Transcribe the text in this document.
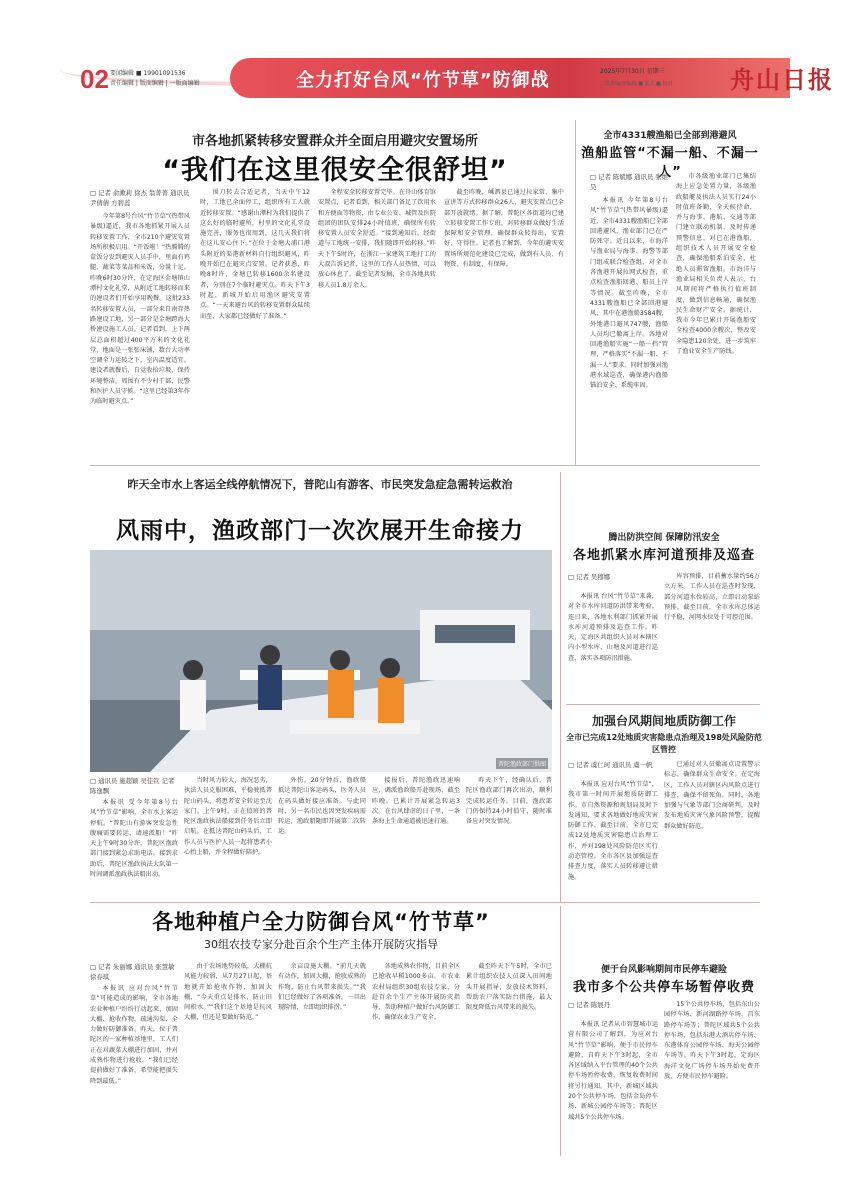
02 要闻编辑 ■ 19901091536
责任编辑 | 版面编辑 | 一版面编辑	全力打好台风“竹节草”防御战	2025年7月30日 星期三
二版责编/李编辑 ■ 版式 ■ 校对 舟山日报
市各地抓紧转移安置群众并全面启用避灾安置场所
“我们在这里很安全很舒坦”
□ 记者 俞漱莉 徐杰 翁菁菁 通讯员 尹倩倩 方碧蕊

今年第8号台风“竹节草”(热带风暴级)逼近，我市各地抓紧开展人员转移安置工作，全市210个避灾安置场所积极启用。“开饭啦！”热腾腾的盒饭分发到避灾人员手中，里面有鸡腿、蔬菜等菜品和米饭，分量十足。昨晚6时30分许，在定海区金塘镇山潭村文化礼堂，从附近工地转移而来的建设者们开始享用晚餐。这批233名转移安置人员，一部分来自南存热路建设工地，另一部分是金塘跨海大桥建设施工人员。记者看到，上下两层总面积超过400平方米的文化礼堂，地面是一张张床铺，数台大功率空调全力运转之下，室内温度适宜。建设者就餐后，自觉收拾垃圾，保持环境整洁。周围有不少村干部、民警和医护人员守候。“这里已经第3年作为临时避灾点。”

围刀转去合适记者，当天中午12时，工地已全面停工，组织所有工人就近转移安置。“感谢山潭村为我们提供了这么好的临时避所，村里的文化礼堂设施完善，服务也很周到，这几天我们将在这儿安心住下。”在位于金塘大浦口港头附近的渠港新材料自行组织避风，昨晚开始已在避灾点安置。记者获悉，昨晚8时许，金塘已转移1600余名建设者，分别在7个临时避灾点。昨天下午3时起，新城开始启用渔区避灾安置点。“一天来避台风的转移安置群众陆续而至，大家都已经做好了准备。”

全程安全转移安置完毕。在舟山体育馆安置点，记者看到，相关部门备足了饮用水和方便面等物资，由专业公安、城管及医院组团的团队安排24小时值班，确保所有转移安置人员安全舒适。“接到通知后，经街道与工地统一安排，我们随即开始转移。”昨天下午5时许，在浙江一家建筑工地打工的大叔告诉记者，这里的工作人员热情，可以放心休息了。截至记者发稿，全市各地共转移人员1.8万余人。

截至昨晚，嵊泗县已通过拉家常、集中宣讲等方式转移群众26人，避灾安置点已全部开放就绪。据了解，普陀区各街道均已建立转移安置工作专班，对转移群众做好生活保障和安全管理，确保群众转得出、安置好、守得住。记者也了解到，今年的避灾安置场所规范化建设已完成，做到有人员、有物资、有制度、有保障。

全市4331艘渔船已全部到港避风
渔船监管“不漏一船、不漏一人”
□ 记者 陈斌娜 通讯员 张维昊

本报讯 今年第8号台风“竹节草”(热带风暴级)逼近，全市4331艘渔船已全部回港避风，渔业部门已在严防死守。近日以来，市海洋与渔业局与海事、海警等部门组成联合检查组，对全市各渔港开展拉网式检查，重点检查渔船回港、船员上岸等情况。截至昨晚，全市4331艘渔船已全部回港避风，其中在港渔船3584艘，外地港口避风747艘，渔船人员均已撤离上岸。各地对回港渔船实施“一船一档”管理，严格落实“不漏一船、不漏一人”要求。同时加强对渔港水域巡查，确保港内渔船锚泊安全、系缆牢固。

市各级渔业部门已集结海上应急处置力量，各级渔政船艇及执法人员实行24小时值班备勤，全天候待命，并与海事、港航、交通等部门建立联动机制，及时传递预警信息。对已在港渔船，组织技术人员开展安全检查，确保渔船系泊安全，杜绝人员滞留渔船。市海洋与渔业局相关负责人表示，台风期间将严格执行值班制度，做到信息畅通，确保渔民生命财产安全。据统计，我市今年已累计开展渔船安全检查4000余艘次，整改安全隐患120余处，进一步筑牢了渔业安全生产防线。

昨天全市水上客运全线停航情况下，普陀山有游客、市民突发急症急需转运救治
风雨中，渔政部门一次次展开生命接力
普陀渔政部门供图
□ 通讯员 施超颖 吴佳钦 记者 陈逸飘

本报讯 受今年第8号台风“竹节草”影响，全市水上客运停航。“普陀山有游客突发急性腹痛需要转运，请速派船！”昨天上午9时30分许，普陀区渔政部门接到紧急求助电话。接到求助后，普陀区渔政执法大队第一时间调派渔政执法船出动。

当时风力较大，海况恶劣，执法人员克服困难，平稳驶抵普陀山码头，将患者安全转运至沈家门。上午9时，正在值班的普陀区渔政执法船接到任务后立即启航。在抵达普陀山码头后，工作人员与医护人员一起将患者小心抬上船，并全程做好陪护。

外伤。20分钟后，渔政船抵达普陀山客运码头，医务人员在码头做好接应准备。与此同时，另一名市民也因突发疾病需转运，渔政船随即开展第二次转运。

接报后，普陀渔政迅速响应，调派渔政船开赴现场，截至昨晚，已累计开展紧急转运3次。在台风肆虐的日子里，一条条海上生命通道被迅速打通。

昨天下午，经确认后，普陀区渔政部门再次出动，顺利完成转运任务。目前，渔政部门仍保持24小时值守，随时准备应对突发情况。

腾出防洪空间 保障防汛安全
各地抓紧水库河道预排及巡查
□ 记者 吴穆娜

本报讯 台风“竹节草”来袭，对全市水库河道防洪带来考验。连日来，各地水利部门抓紧开展水库河道预排及巡查工作。昨天，定海区共组织人员对本辖区内小型水库、山塘及河道进行巡查，落实各项防汛措施。

库容预排，目前蓄水量约56万立方米。工作人员在巡查时发现，部分河道水位较高，立即启动泵站预排。截至目前，全市水库总体运行平稳，河网水位处于可控范围。

加强台风期间地质防御工作
全市已完成12处地质灾害隐患点治理及198处风险防范区管控
□ 记者 虞仁珂 通讯员 虞一帆

本报讯 应对台风“竹节草”，我市第一时间开展地质防御工作。市自然资源和规划局及时下发通知，要求各地做好地质灾害防御工作。截至目前，全市已完成12处地质灾害隐患点治理工作，并对198处风险防范区实行动态管控。全市各区县加强巡查排查力度，落实人员转移避让措施。

已通过对人员撤离点设置警示标志，确保群众生命安全。在定海区，工作人员对辖区内风险点进行排查，确保不留死角。同时，各地加强与气象等部门会商研判，及时发布地质灾害气象风险预警，提醒群众做好防范。

各地种植户全力防御台风“竹节草”
30组农技专家分赴百余个生产主体开展防灾指导
□ 记者 朱丽娜 通讯员 张慧敏 徐春琪

本报讯 应对台风“竹节草”可能造成的影响，全市各地农业种植户纷纷行动起来，加固大棚、抢收作物、疏通沟渠，全力做好防御准备。昨天，位于普陀区的一家种植基地里，工人们正在对蔬菜大棚进行加固，并对成熟作物进行抢收。“我们已经提前做好了准备，希望能把损失降到最低。”

由于农场地势较低，大棚抗风能力较弱，从7月27日起，基地就开始抢收作物，加固大棚，“今天重点是排水，防止田间积水。”“我们这个基地是抗风大棚，但还是要做好防范。”

余亩设施大棚。“前几天就有动作，加固大棚，抢收成熟的作物，防止台风带来损失。”“我们已经做好了各项准备，一旦出现险情，立即组织排涝。”

各地成熟农作物，目前全区已抢收早稻1000多亩。市农业农村局组织30组农技专家，分赴百余个生产主体开展防灾指导，帮助种植户做好台风防御工作，确保农业生产安全。

截至昨天下午5时，全市已累计组织农技人员深入田间地头开展指导，发放技术资料，帮助农户落实防台措施，最大限度降低台风带来的损失。

便于台风影响期间市民停车避险
我市多个公共停车场暂停收费
□ 记者 陈展丹

本报讯 记者从市智慧城市运营有限公司了解到，为应对台风“竹节草”影响，便于市民停车避险，自昨天下午3时起，全市各区域纳入平台管理的40个公共停车场暂停收费，恢复收费时间将另行通知。其中，新城区域共20个公共停车场，包括金岛停车场、新城公园停车场等；普陀区域共5个公共停车场。

15个公共停车场，包括东山公园停车场、新河湖路停车场、昌东路停车场等；普陀区域共5个公共停车场，包括东港大酒店停车场、东港体育公园停车场、海天公园停车场等。昨天下午3时起，定海区海洋文化广场停车场开始免费开放，方便市民停车避险。
